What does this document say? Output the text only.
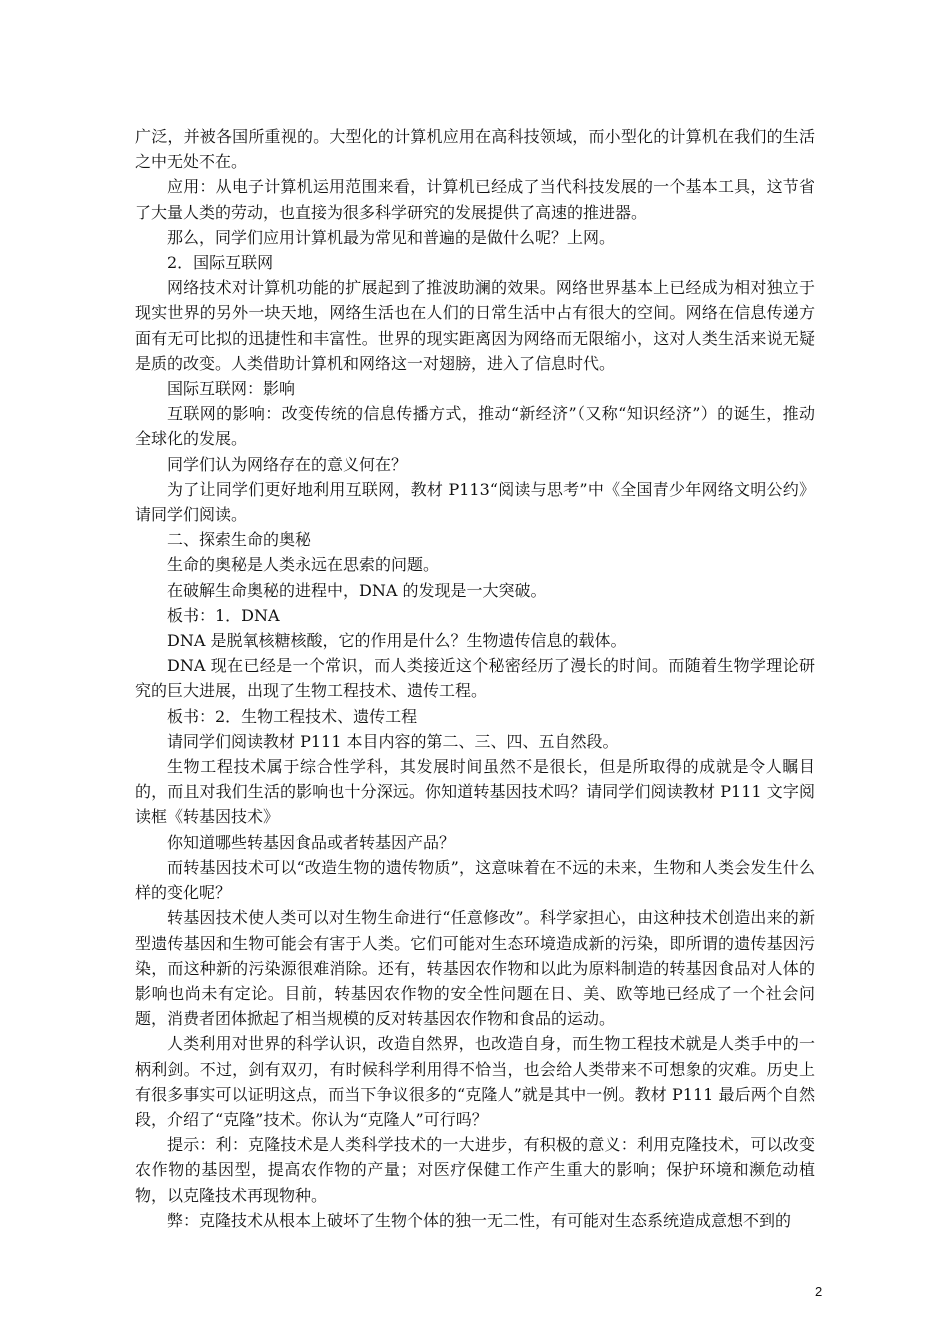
广泛，并被各国所重视的。大型化的计算机应用在高科技领域，而小型化的计算机在我们的生活之中无处不在。

应用：从电子计算机运用范围来看，计算机已经成了当代科技发展的一个基本工具，这节省了大量人类的劳动，也直接为很多科学研究的发展提供了高速的推进器。

那么，同学们应用计算机最为常见和普遍的是做什么呢？上网。

2．国际互联网

网络技术对计算机功能的扩展起到了推波助澜的效果。网络世界基本上已经成为相对独立于现实世界的另外一块天地，网络生活也在人们的日常生活中占有很大的空间。网络在信息传递方面有无可比拟的迅捷性和丰富性。世界的现实距离因为网络而无限缩小，这对人类生活来说无疑是质的改变。人类借助计算机和网络这一对翅膀，进入了信息时代。

国际互联网：影响

互联网的影响：改变传统的信息传播方式，推动“新经济”（又称“知识经济”）的诞生，推动全球化的发展。

同学们认为网络存在的意义何在？

为了让同学们更好地利用互联网，教材 P113“阅读与思考”中《全国青少年网络文明公约》请同学们阅读。

二、探索生命的奥秘

生命的奥秘是人类永远在思索的问题。

在破解生命奥秘的进程中，DNA 的发现是一大突破。

板书：1．DNA

DNA 是脱氧核糖核酸，它的作用是什么？生物遗传信息的载体。

DNA 现在已经是一个常识，而人类接近这个秘密经历了漫长的时间。而随着生物学理论研究的巨大进展，出现了生物工程技术、遗传工程。

板书：2．生物工程技术、遗传工程

请同学们阅读教材 P111 本目内容的第二、三、四、五自然段。

生物工程技术属于综合性学科，其发展时间虽然不是很长，但是所取得的成就是令人瞩目的，而且对我们生活的影响也十分深远。你知道转基因技术吗？请同学们阅读教材 P111 文字阅读框《转基因技术》

你知道哪些转基因食品或者转基因产品？

而转基因技术可以“改造生物的遗传物质”，这意味着在不远的未来，生物和人类会发生什么样的变化呢？

转基因技术使人类可以对生物生命进行“任意修改”。科学家担心，由这种技术创造出来的新型遗传基因和生物可能会有害于人类。它们可能对生态环境造成新的污染，即所谓的遗传基因污染，而这种新的污染源很难消除。还有，转基因农作物和以此为原料制造的转基因食品对人体的影响也尚未有定论。目前，转基因农作物的安全性问题在日、美、欧等地已经成了一个社会问题，消费者团体掀起了相当规模的反对转基因农作物和食品的运动。

人类利用对世界的科学认识，改造自然界，也改造自身，而生物工程技术就是人类手中的一柄利剑。不过，剑有双刃，有时候科学利用得不恰当，也会给人类带来不可想象的灾难。历史上有很多事实可以证明这点，而当下争议很多的“克隆人”就是其中一例。教材 P111 最后两个自然段，介绍了“克隆”技术。你认为“克隆人”可行吗？

提示：利：克隆技术是人类科学技术的一大进步，有积极的意义：利用克隆技术，可以改变农作物的基因型，提高农作物的产量；对医疗保健工作产生重大的影响；保护环境和濒危动植物，以克隆技术再现物种。

弊：克隆技术从根本上破坏了生物个体的独一无二性，有可能对生态系统造成意想不到的

2
